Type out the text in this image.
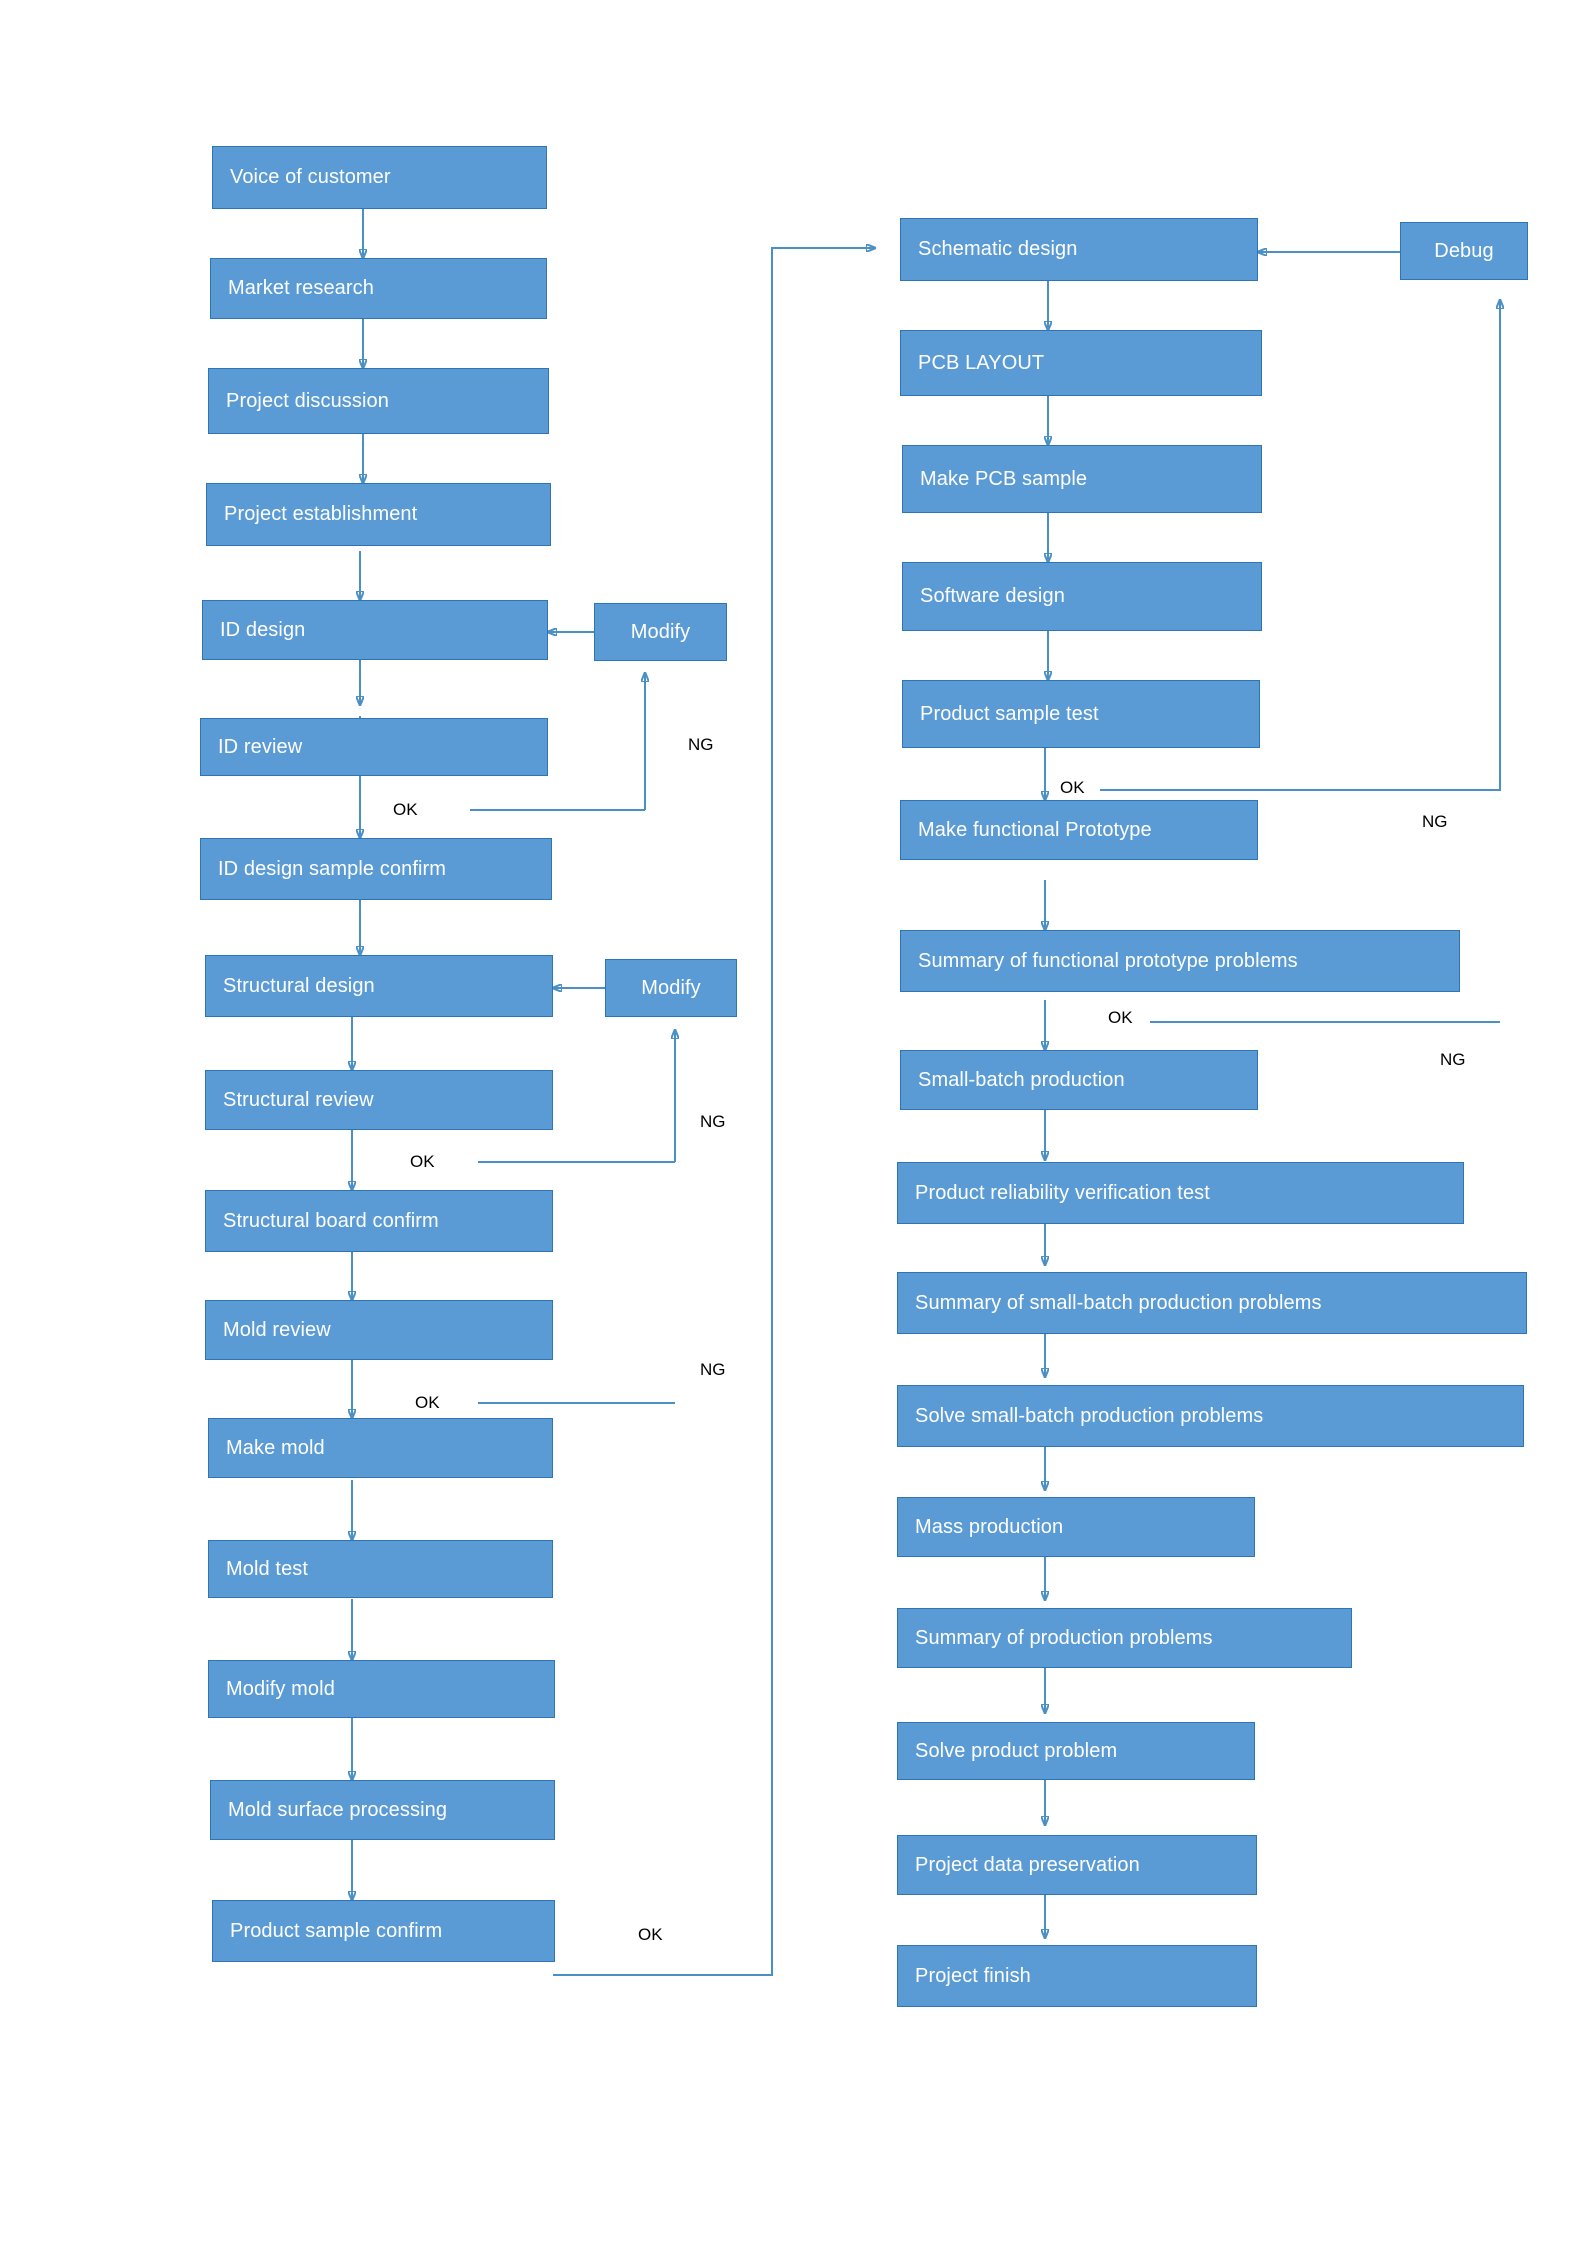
Voice of customer
Market research
Project discussion
Project establishment
ID design
ID review
ID design sample confirm
Structural design
Structural review
Structural board confirm
Mold review
Make mold
Mold test
Modify mold
Mold surface processing
Product sample confirm
Modify
Modify
Debug
Schematic design
PCB LAYOUT
Make PCB sample
Software design
Product sample test
Make functional Prototype
Summary of functional prototype problems
Small-batch production
Product reliability verification test
Summary of small-batch production problems
Solve small-batch production problems
Mass production
Summary of production problems
Solve product problem
Project data preservation
Project finish
OK
NG
OK
NG
OK
NG
OK
OK
NG
OK
NG
